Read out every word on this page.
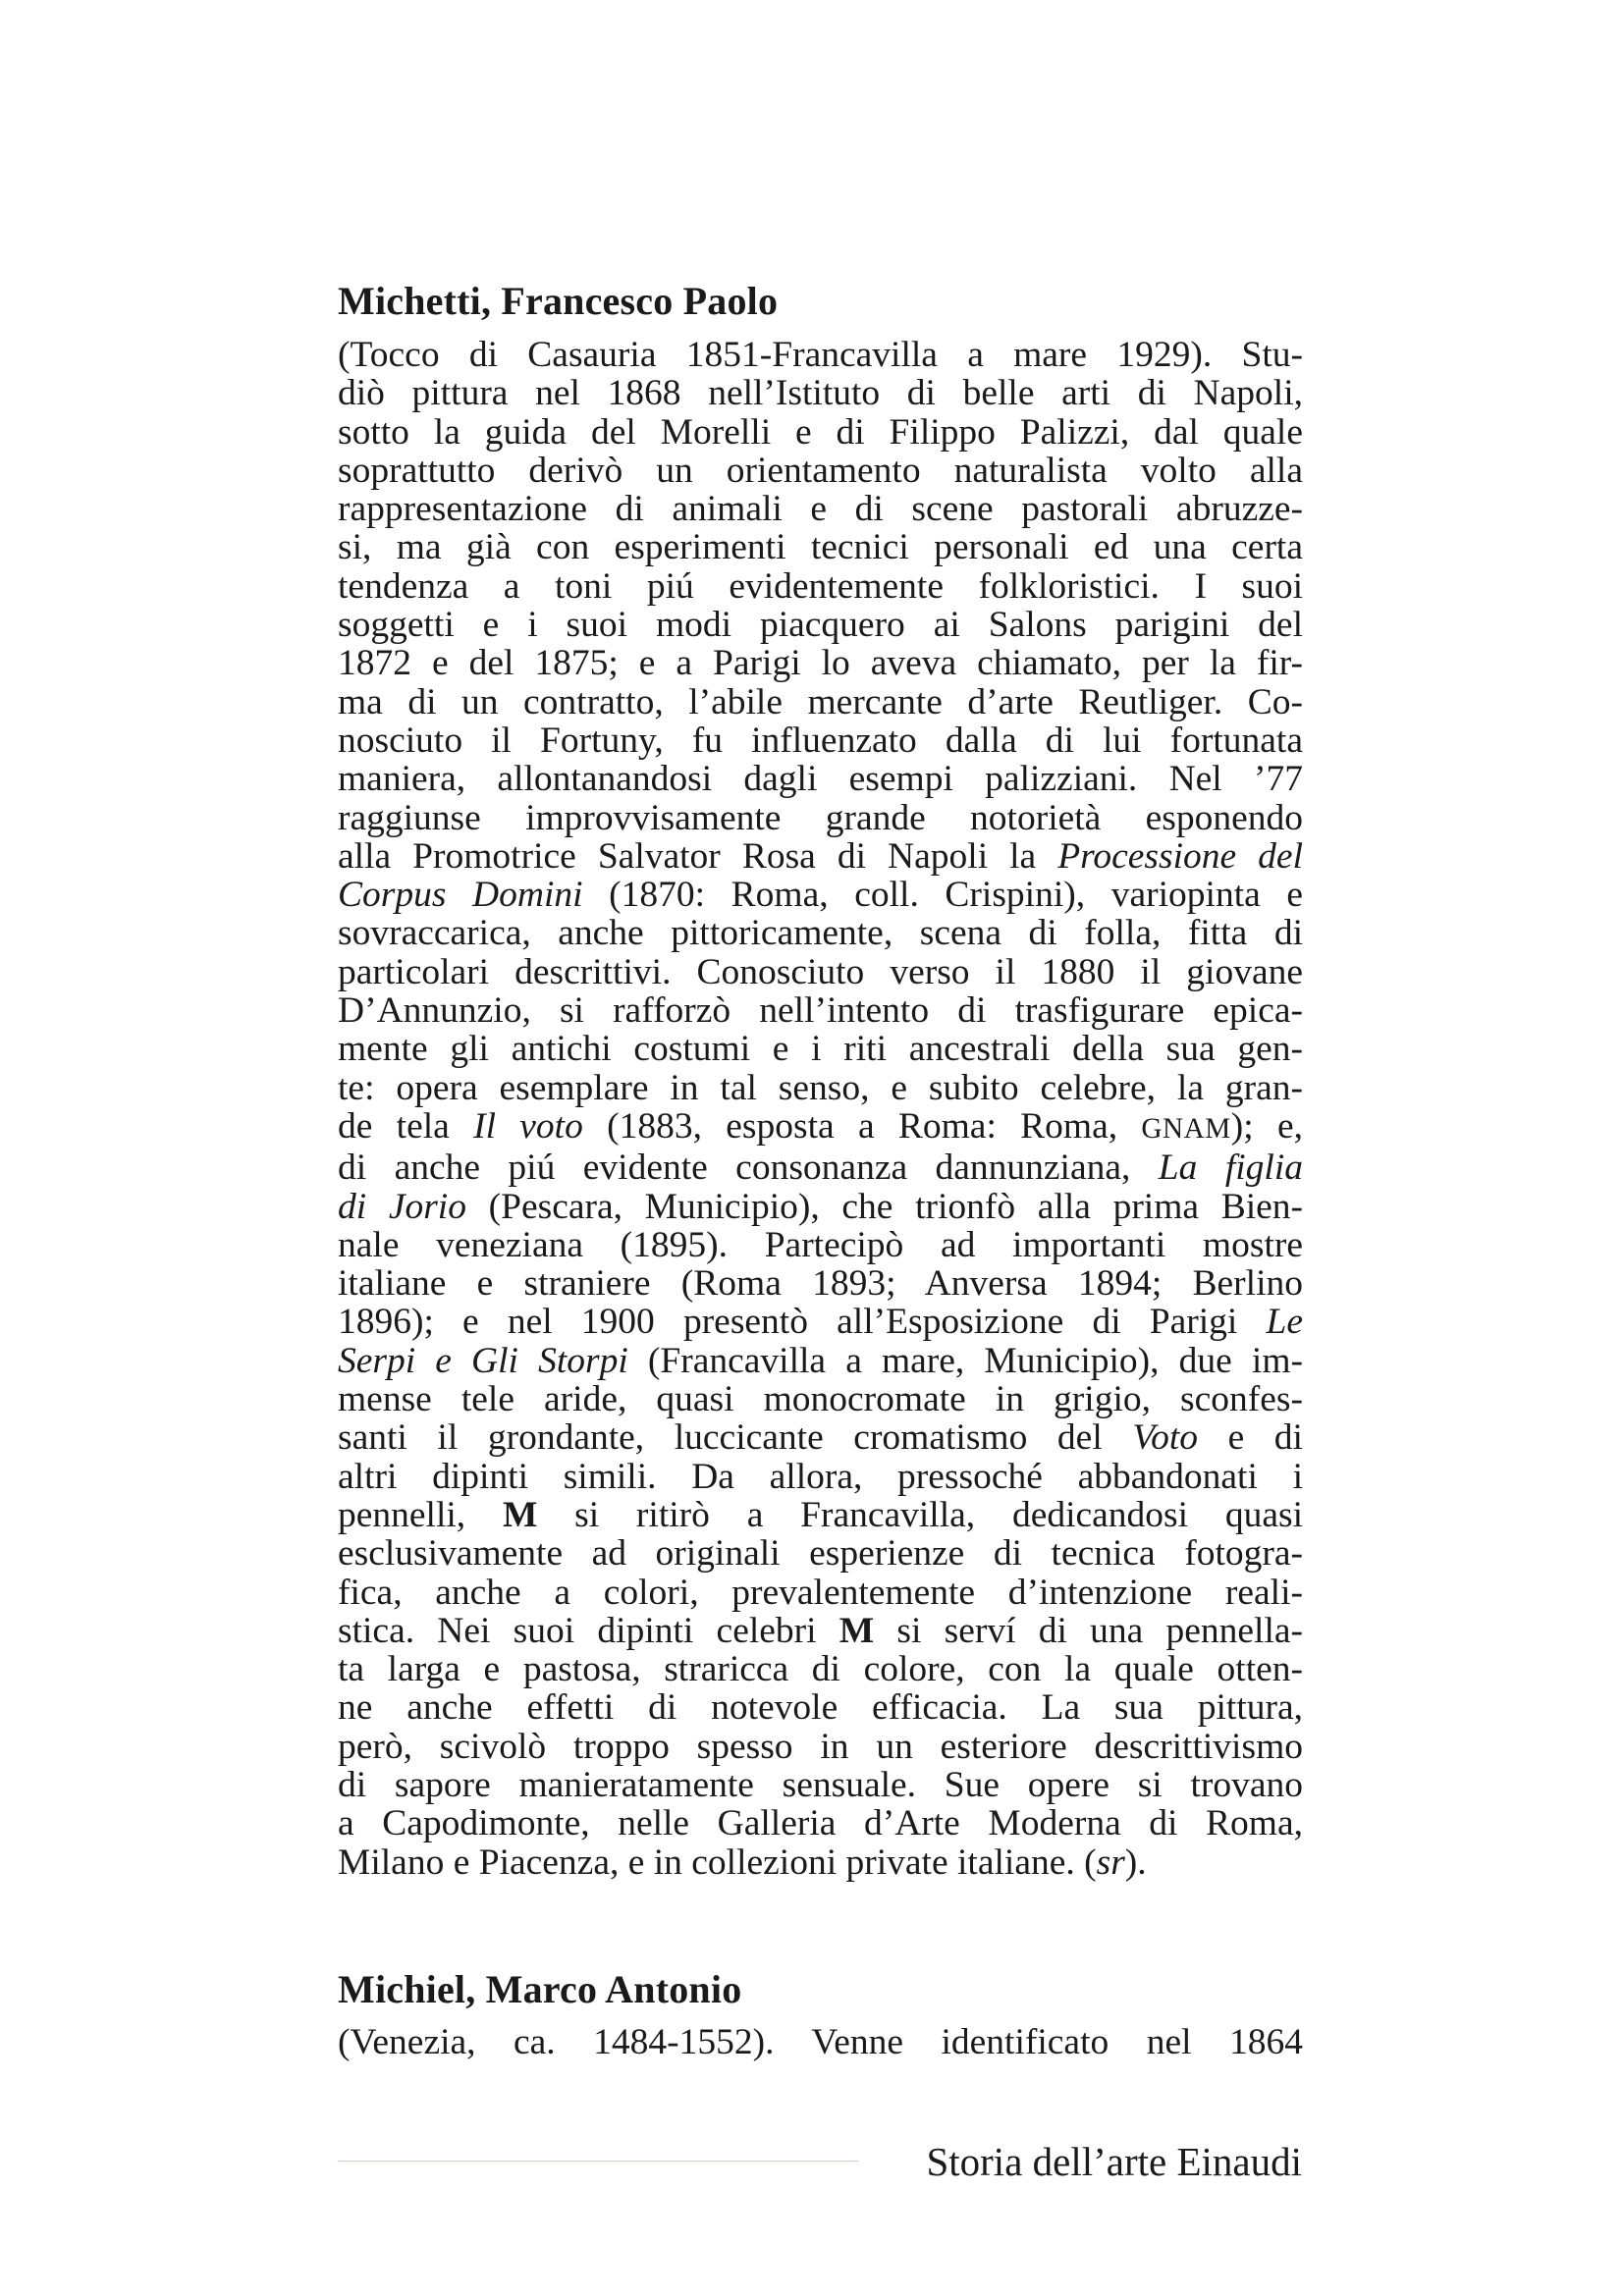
Michetti, Francesco Paolo
(Tocco di Casauria 1851-Francavilla a mare 1929). Stu-
diò pittura nel 1868 nell’Istituto di belle arti di Napoli,
sotto la guida del Morelli e di Filippo Palizzi, dal quale
soprattutto derivò un orientamento naturalista volto alla
rappresentazione di animali e di scene pastorali abruzze-
si, ma già con esperimenti tecnici personali ed una certa
tendenza a toni piú evidentemente folkloristici. I suoi
soggetti e i suoi modi piacquero ai Salons parigini del
1872 e del 1875; e a Parigi lo aveva chiamato, per la fir-
ma di un contratto, l’abile mercante d’arte Reutliger. Co-
nosciuto il Fortuny, fu influenzato dalla di lui fortunata
maniera, allontanandosi dagli esempi palizziani. Nel ’77
raggiunse improvvisamente grande notorietà esponendo
alla Promotrice Salvator Rosa di Napoli la Processione del
Corpus Domini (1870: Roma, coll. Crispini), variopinta e
sovraccarica, anche pittoricamente, scena di folla, fitta di
particolari descrittivi. Conosciuto verso il 1880 il giovane
D’Annunzio, si rafforzò nell’intento di trasfigurare epica-
mente gli antichi costumi e i riti ancestrali della sua gen-
te: opera esemplare in tal senso, e subito celebre, la gran-
de tela Il voto (1883, esposta a Roma: Roma, GNAM); e,
di anche piú evidente consonanza dannunziana, La figlia
di Jorio (Pescara, Municipio), che trionfò alla prima Bien-
nale veneziana (1895). Partecipò ad importanti mostre
italiane e straniere (Roma 1893; Anversa 1894; Berlino
1896); e nel 1900 presentò all’Esposizione di Parigi Le
Serpi e Gli Storpi (Francavilla a mare, Municipio), due im-
mense tele aride, quasi monocromate in grigio, sconfes-
santi il grondante, luccicante cromatismo del Voto e di
altri dipinti simili. Da allora, pressoché abbandonati i
pennelli, M si ritirò a Francavilla, dedicandosi quasi
esclusivamente ad originali esperienze di tecnica fotogra-
fica, anche a colori, prevalentemente d’intenzione reali-
stica. Nei suoi dipinti celebri M si serví di una pennella-
ta larga e pastosa, straricca di colore, con la quale otten-
ne anche effetti di notevole efficacia. La sua pittura,
però, scivolò troppo spesso in un esteriore descrittivismo
di sapore manieratamente sensuale. Sue opere si trovano
a Capodimonte, nelle Galleria d’Arte Moderna di Roma,
Milano e Piacenza, e in collezioni private italiane. (sr).
Michiel, Marco Antonio
(Venezia, ca. 1484-1552). Venne identificato nel 1864

Storia dell’arte Einaudi
